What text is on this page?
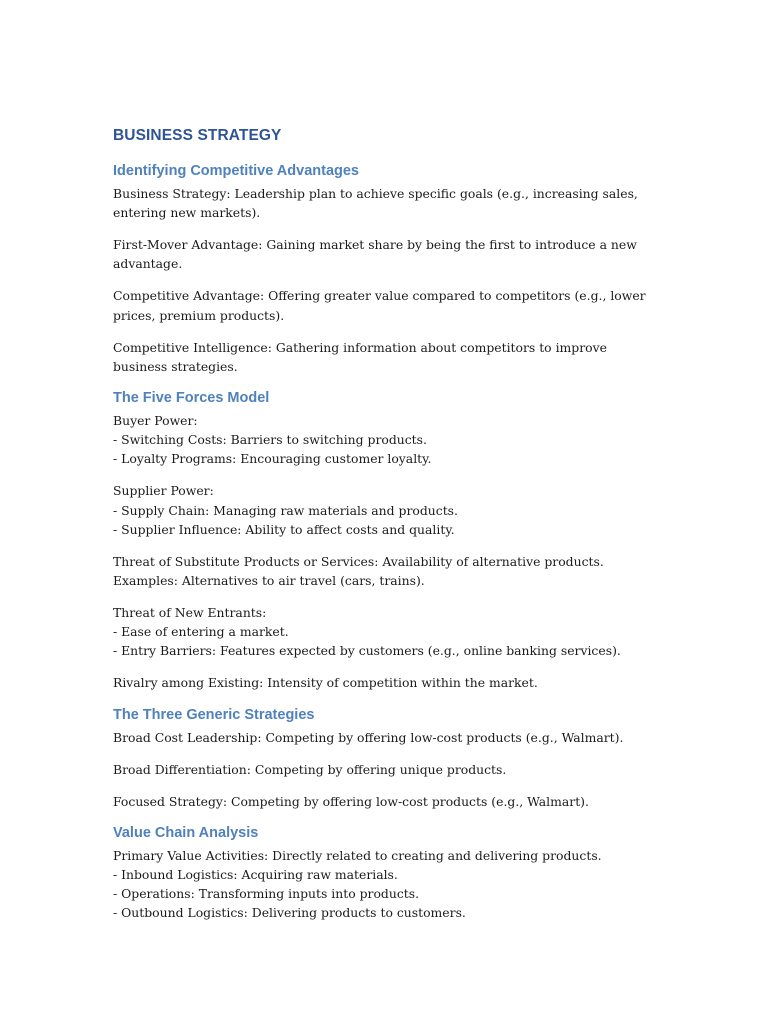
BUSINESS STRATEGY
Identifying Competitive Advantages

Business Strategy: Leadership plan to achieve specific goals (e.g., increasing sales, entering new markets).

First-Mover Advantage: Gaining market share by being the first to introduce a new advantage.

Competitive Advantage: Offering greater value compared to competitors (e.g., lower prices, premium products).

Competitive Intelligence: Gathering information about competitors to improve business strategies.

The Five Forces Model

Buyer Power:
- Switching Costs: Barriers to switching products.
- Loyalty Programs: Encouraging customer loyalty.

Supplier Power:
- Supply Chain: Managing raw materials and products.
- Supplier Influence: Ability to affect costs and quality.

Threat of Substitute Products or Services: Availability of alternative products. Examples: Alternatives to air travel (cars, trains).

Threat of New Entrants:
- Ease of entering a market.
- Entry Barriers: Features expected by customers (e.g., online banking services).

Rivalry among Existing: Intensity of competition within the market.

The Three Generic Strategies

Broad Cost Leadership: Competing by offering low-cost products (e.g., Walmart).

Broad Differentiation: Competing by offering unique products.

Focused Strategy: Competing by offering low-cost products (e.g., Walmart).

Value Chain Analysis

Primary Value Activities: Directly related to creating and delivering products.
- Inbound Logistics: Acquiring raw materials.
- Operations: Transforming inputs into products.
- Outbound Logistics: Delivering products to customers.
